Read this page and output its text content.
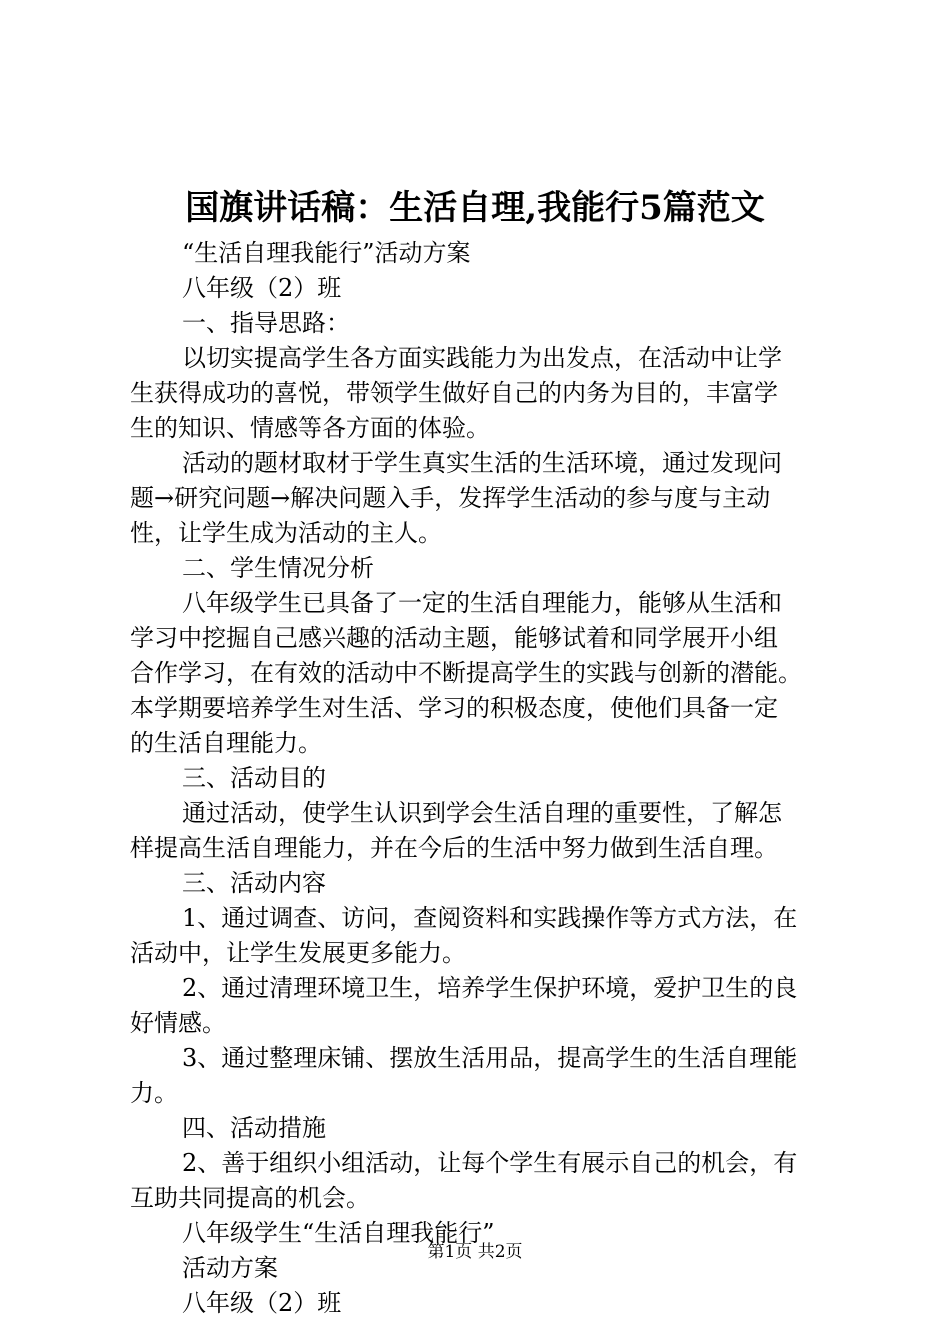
国旗讲话稿：生活自理,我能行5篇范文
“生活自理我能行”活动方案
八年级（2）班
一、指导思路：
以切实提高学生各方面实践能力为出发点，在活动中让学
生获得成功的喜悦，带领学生做好自己的内务为目的，丰富学
生的知识、情感等各方面的体验。
活动的题材取材于学生真实生活的生活环境，通过发现问
题→研究问题→解决问题入手，发挥学生活动的参与度与主动
性，让学生成为活动的主人。
二、学生情况分析
八年级学生已具备了一定的生活自理能力，能够从生活和
学习中挖掘自己感兴趣的活动主题，能够试着和同学展开小组
合作学习，在有效的活动中不断提高学生的实践与创新的潜能。
本学期要培养学生对生活、学习的积极态度，使他们具备一定
的生活自理能力。
三、活动目的
通过活动，使学生认识到学会生活自理的重要性，了解怎
样提高生活自理能力，并在今后的生活中努力做到生活自理。
三、活动内容
1、通过调查、访问，查阅资料和实践操作等方式方法，在
活动中，让学生发展更多能力。
2、通过清理环境卫生，培养学生保护环境，爱护卫生的良
好情感。
3、通过整理床铺、摆放生活用品，提高学生的生活自理能
力。
四、活动措施
2、善于组织小组活动，让每个学生有展示自己的机会，有
互助共同提高的机会。
八年级学生“生活自理我能行”
活动方案
八年级（2）班
第1页 共2页
